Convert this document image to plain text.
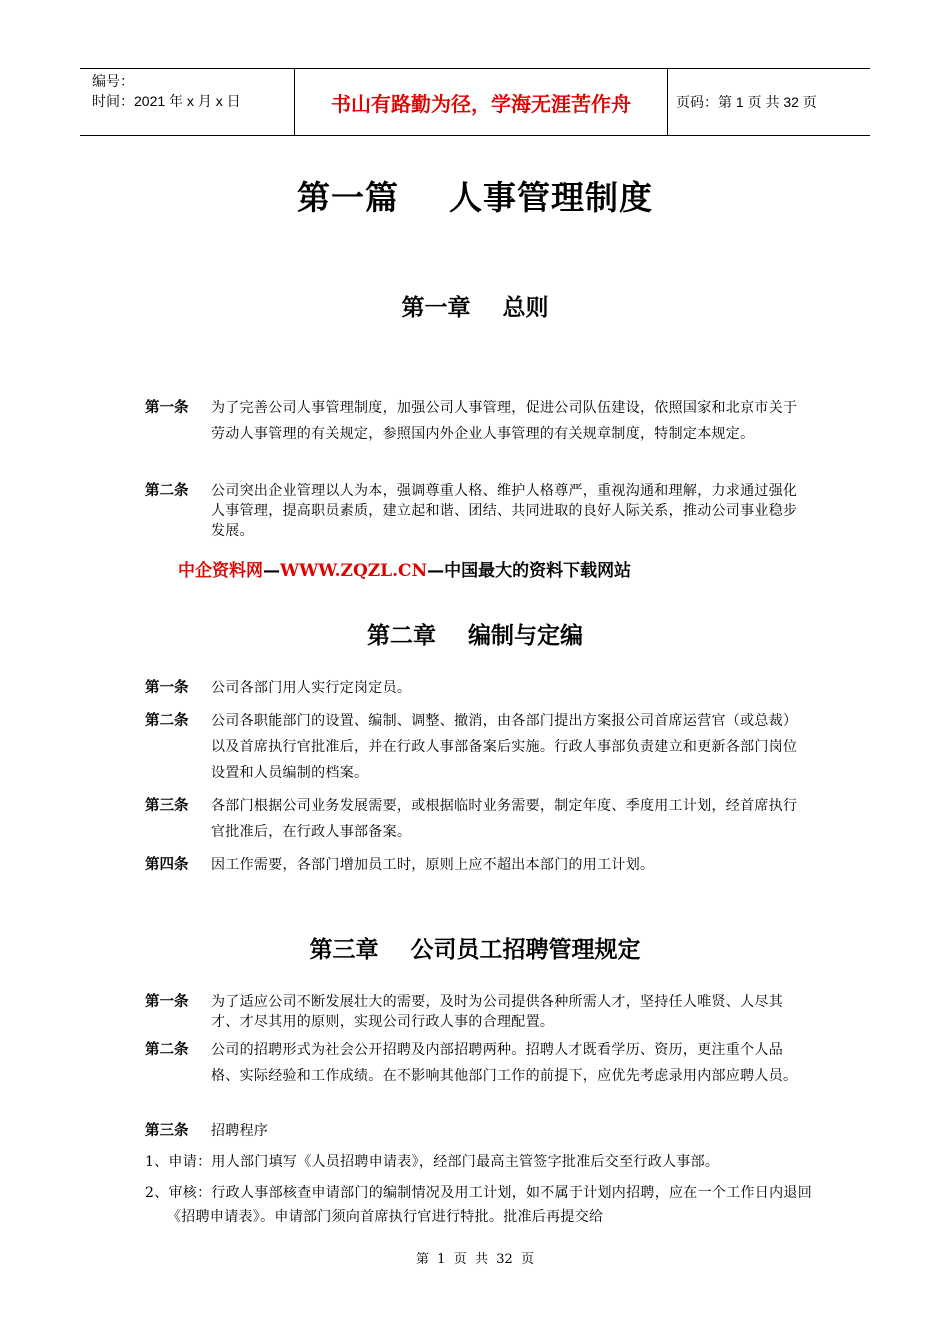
编号：
时间：2021 年 x 月 x 日	书山有路勤为径，学海无涯苦作舟	页码：第 1 页 共 32 页
第一篇    人事管理制度
第一章    总则
第一条	为了完善公司人事管理制度，加强公司人事管理，促进公司队伍建设，依照国家和北京市关于劳动人事管理的有关规定，参照国内外企业人事管理的有关规章制度，特制定本规定。
第二条	公司突出企业管理以人为本，强调尊重人格、维护人格尊严，重视沟通和理解，力求通过强化人事管理，提高职员素质，建立起和谐、团结、共同进取的良好人际关系，推动公司事业稳步发展。
中企资料网—WWW.ZQZL.CN—中国最大的资料下载网站
第二章    编制与定编
第一条	公司各部门用人实行定岗定员。
第二条	公司各职能部门的设置、编制、调整、撤消，由各部门提出方案报公司首席运营官（或总裁）以及首席执行官批准后，并在行政人事部备案后实施。行政人事部负责建立和更新各部门岗位设置和人员编制的档案。
第三条	各部门根据公司业务发展需要，或根据临时业务需要，制定年度、季度用工计划，经首席执行官批准后，在行政人事部备案。
第四条	因工作需要，各部门增加员工时，原则上应不超出本部门的用工计划。
第三章    公司员工招聘管理规定
第一条	为了适应公司不断发展壮大的需要，及时为公司提供各种所需人才，坚持任人唯贤、人尽其才、才尽其用的原则，实现公司行政人事的合理配置。
第二条	公司的招聘形式为社会公开招聘及内部招聘两种。招聘人才既看学历、资历，更注重个人品格、实际经验和工作成绩。在不影响其他部门工作的前提下，应优先考虑录用内部应聘人员。
第三条	招聘程序
1、申请：用人部门填写《人员招聘申请表》，经部门最高主管签字批准后交至行政人事部。
2、审核：行政人事部核查申请部门的编制情况及用工计划，如不属于计划内招聘，应在一个工作日内退回《招聘申请表》。申请部门须向首席执行官进行特批。批准后再提交给
第  1  页  共  32  页
